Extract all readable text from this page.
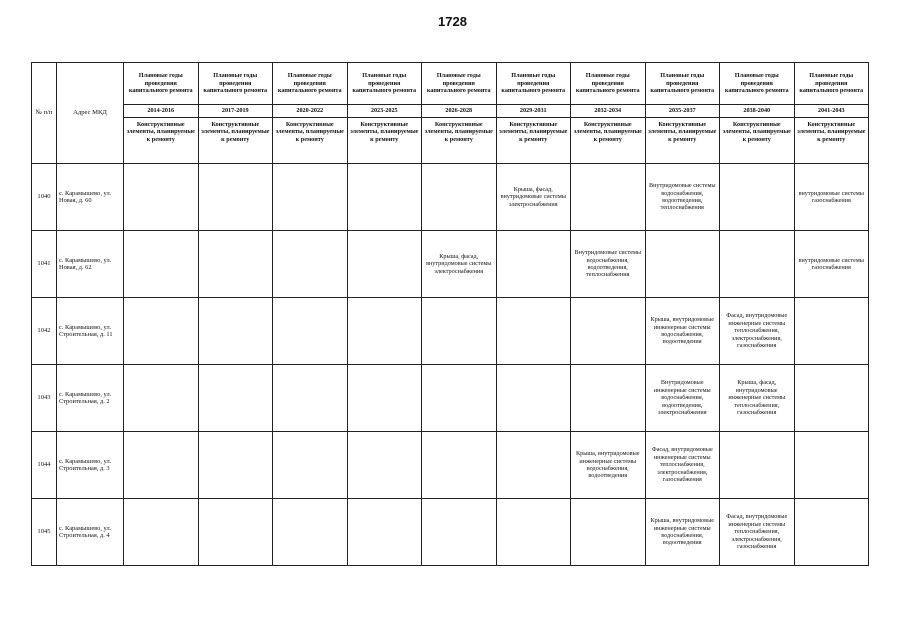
1728
№ п/п	Адрес МКД	Плановые годы проведения капитального ремонта	Плановые годы проведения капитального ремонта	Плановые годы проведения капитального ремонта	Плановые годы проведения капитального ремонта	Плановые годы проведения капитального ремонта	Плановые годы проведения капитального ремонта	Плановые годы проведения капитального ремонта	Плановые годы проведения капитального ремонта	Плановые годы проведения капитального ремонта	Плановые годы проведения капитального ремонта
		2014-2016	2017-2019	2020-2022	2023-2025	2026-2028	2029-2031	2032-2034	2035-2037	2038-2040	2041-2043
		Конструктивные элементы, планируемые к ремонту	Конструктивные элементы, планируемые к ремонту	Конструктивные элементы, планируемые к ремонту	Конструктивные элементы, планируемые к ремонту	Конструктивные элементы, планируемые к ремонту	Конструктивные элементы, планируемые к ремонту	Конструктивные элементы, планируемые к ремонту	Конструктивные элементы, планируемые к ремонту	Конструктивные элементы, планируемые к ремонту	Конструктивные элементы, планируемые к ремонту
1040	с. Карамышево, ул. Новая, д. 60						Крыша, фасад, внутридомовые системы электроснабжения		Внутридомовые системы водоснабжения, водоотведения, теплоснабжения		внутридомовые системы газоснабжения
1041	с. Карамышево, ул. Новая, д. 62					Крыша, фасад, внутридомовые системы электроснабжения		Внутридомовые системы водоснабжения, водоотведения, теплоснабжения			внутридомовые системы газоснабжения
1042	с. Карамышево, ул. Строительная, д. 11								Крыша, внутридомовые инженерные системы водоснабжения, водоотведения	Фасад, внутридомовые инженерные системы теплоснабжения, электроснабжения, газоснабжения	
1043	с. Карамышево, ул. Строительная, д. 2								Внутридомовые инженерные системы водоснабжения, водоотведения, электроснабжения	Крыша, фасад, внутридомовые инженерные системы теплоснабжения, газоснабжения	
1044	с. Карамышево, ул. Строительная, д. 3							Крыша, внутридомовые инженерные системы водоснабжения, водоотведения	Фасад, внутридомовые инженерные системы теплоснабжения, электроснабжения, газоснабжения		
1045	с. Карамышево, ул. Строительная, д. 4								Крыша, внутридомовые инженерные системы водоснабжения, водоотведения	Фасад, внутридомовые инженерные системы теплоснабжения, электроснабжения, газоснабжения	
